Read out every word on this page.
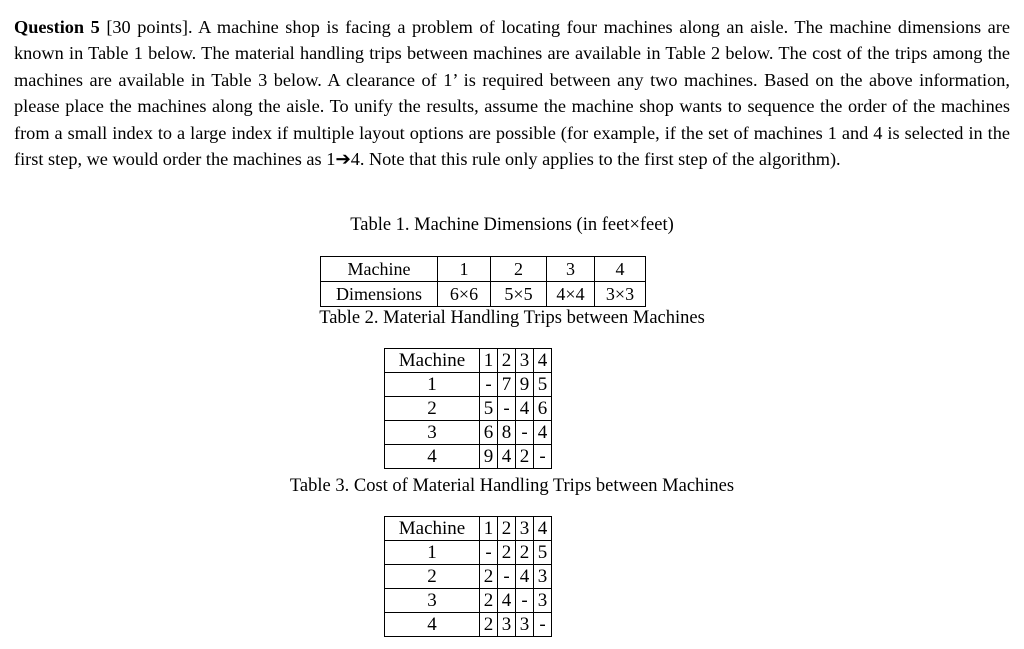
Question 5 [30 points]. A machine shop is facing a problem of locating four machines along an aisle. The machine dimensions are known in Table 1 below. The material handling trips between machines are available in Table 2 below. The cost of the trips among the machines are available in Table 3 below. A clearance of 1’ is required between any two machines. Based on the above information, please place the machines along the aisle. To unify the results, assume the machine shop wants to sequence the order of the machines from a small index to a large index if multiple layout options are possible (for example, if the set of machines 1 and 4 is selected in the first step, we would order the machines as 1➔4. Note that this rule only applies to the first step of the algorithm).
Table 1. Machine Dimensions (in feet×feet)
Machine	1	2	3	4
Dimensions	6×6	5×5	4×4	3×3
Table 2. Material Handling Trips between Machines
Machine	1	2	3	4
1	-	7	9	5
2	5	-	4	6
3	6	8	-	4
4	9	4	2	-
Table 3. Cost of Material Handling Trips between Machines
Machine	1	2	3	4
1	-	2	2	5
2	2	-	4	3
3	2	4	-	3
4	2	3	3	-
